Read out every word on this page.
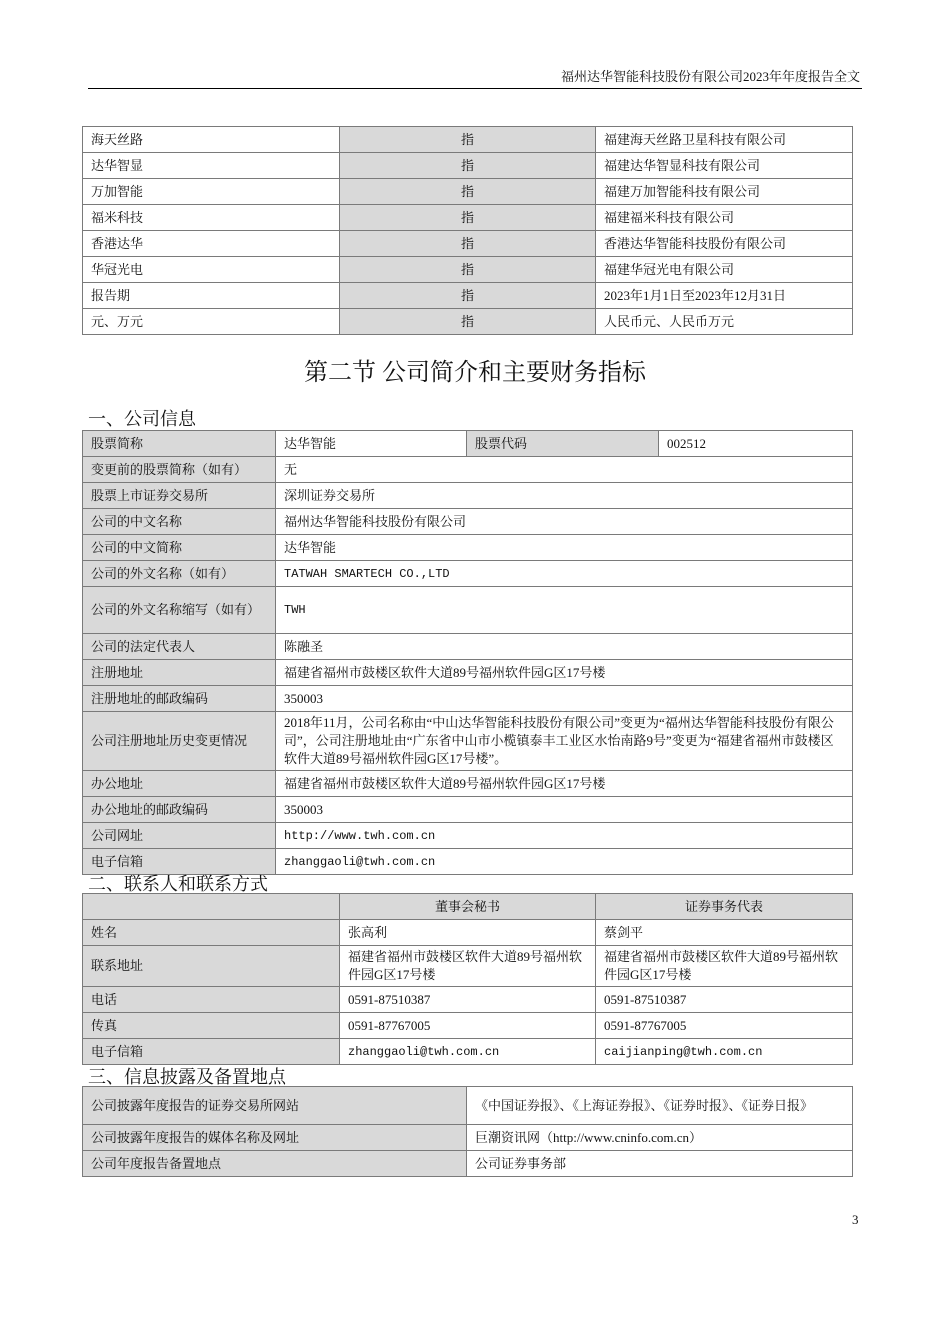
福州达华智能科技股份有限公司2023年年度报告全文
海天丝路	指	福建海天丝路卫星科技有限公司
达华智显	指	福建达华智显科技有限公司
万加智能	指	福建万加智能科技有限公司
福米科技	指	福建福米科技有限公司
香港达华	指	香港达华智能科技股份有限公司
华冠光电	指	福建华冠光电有限公司
报告期	指	2023年1月1日至2023年12月31日
元、万元	指	人民币元、人民币万元
第二节 公司简介和主要财务指标
一、公司信息
股票简称	达华智能	股票代码	002512
变更前的股票简称（如有）	无		
股票上市证券交易所	深圳证券交易所		
公司的中文名称	福州达华智能科技股份有限公司		
公司的中文简称	达华智能		
公司的外文名称（如有）	TATWAH SMARTECH CO.,LTD		
公司的外文名称缩写（如有）	TWH		
公司的法定代表人	陈融圣		
注册地址	福建省福州市鼓楼区软件大道89号福州软件园G区17号楼		
注册地址的邮政编码	350003		
公司注册地址历史变更情况	2018年11月，公司名称由“中山达华智能科技股份有限公司”变更为“福州达华智能科技股份有限公司”，公司注册地址由“广东省中山市小榄镇泰丰工业区水怡南路9号”变更为“福建省福州市鼓楼区软件大道89号福州软件园G区17号楼”。		
办公地址	福建省福州市鼓楼区软件大道89号福州软件园G区17号楼		
办公地址的邮政编码	350003		
公司网址	http://www.twh.com.cn		
电子信箱	zhanggaoli@twh.com.cn		
二、联系人和联系方式
	董事会秘书	证券事务代表
姓名	张高利	蔡剑平
联系地址	福建省福州市鼓楼区软件大道89号福州软件园G区17号楼	福建省福州市鼓楼区软件大道89号福州软件园G区17号楼
电话	0591-87510387	0591-87510387
传真	0591-87767005	0591-87767005
电子信箱	zhanggaoli@twh.com.cn	caijianping@twh.com.cn
三、信息披露及备置地点
公司披露年度报告的证券交易所网站	《中国证券报》、《上海证券报》、《证券时报》、《证券日报》
公司披露年度报告的媒体名称及网址	巨潮资讯网（http://www.cninfo.com.cn）
公司年度报告备置地点	公司证券事务部
3
